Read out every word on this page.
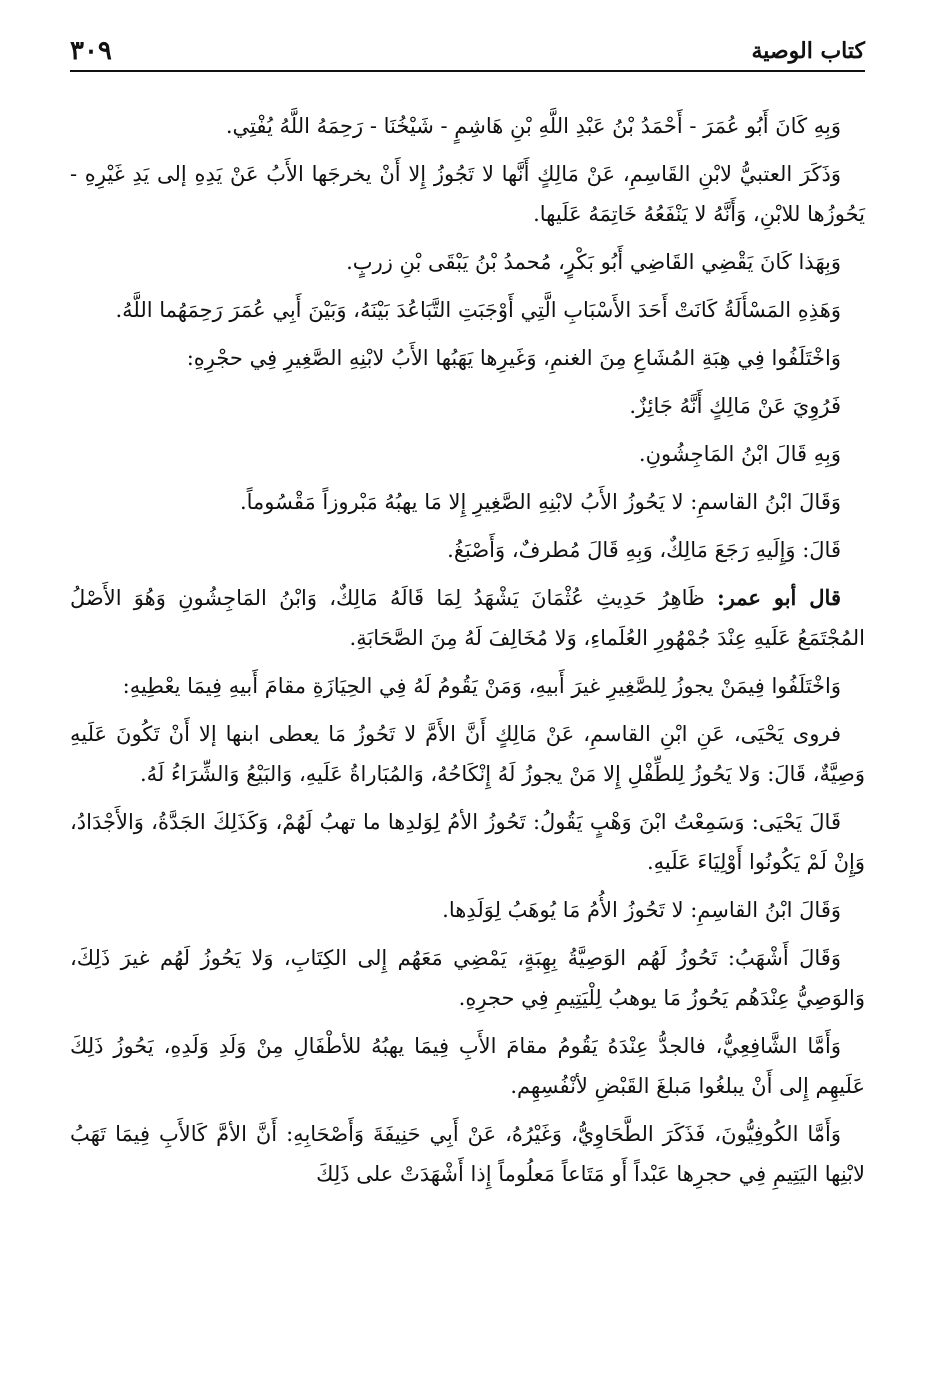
كتاب الوصية
٣٠٩

وَبِهِ كَانَ أَبُو عُمَرَ - أَحْمَدُ بْنُ عَبْدِ اللَّهِ بْنِ هَاشِمٍ - شَيْخُنَا - رَحِمَهُ اللَّهُ يُفْتِي.

وَذَكَرَ العتبيُّ لابْنِ القَاسِمِ، عَنْ مَالِكٍ أَنَّها لا تَجُوزُ إِلا أَنْ يخرجَها الأَبُ عَنْ يَدِهِ إلى يَدِ غَيْرِهِ - يَحُوزُها للابْنِ، وَأَنَّهُ لا يَنْفَعُهُ خَاتِمَهُ عَلَيها.

وَبِهَذا كَانَ يَقْضِي القَاضِي أَبُو بَكْرٍ، مُحمدُ بْنُ يَبْقَى بْنِ زربٍ.

وَهَذِهِ المَسْأَلَةُ كَانَتْ أَحَدَ الأَسْبَابِ الَّتِي أَوْجَبَتِ التَّبَاعُدَ بَيْنَهُ، وَبَيْنَ أَبِي عُمَرَ رَحِمَهُما اللَّهُ.

وَاخْتَلَفُوا فِي هِبَةِ المُشَاعِ مِنَ الغنمِ، وَغَيرِها يَهَبُها الأَبُ لابْنِهِ الصَّغِيرِ فِي حجْرِهِ:

فَرُوِيَ عَنْ مَالِكٍ أَنَّهُ جَائِزٌ.

وَبِهِ قَالَ ابْنُ المَاجِشُونِ.

وَقَالَ ابْنُ القاسمِ: لا يَحُوزُ الأَبُ لابْنِهِ الصَّغِيرِ إِلا مَا يهبُهُ مَبْروزاً مَقْسُوماً.

قَالَ: وَإِلَيهِ رَجَعَ مَالِكٌ، وَبِهِ قَالَ مُطرفٌ، وَأَصْبَغُ.

قال أبو عمر: ظَاهِرُ حَدِيثِ عُثْمَانَ يَشْهَدُ لِمَا قَالَهُ مَالِكٌ، وَابْنُ المَاجِشُونِ وَهُوَ الأَصْلُ المُجْتَمَعُ عَلَيهِ عِنْدَ جُمْهُورِ العُلَماءِ، وَلا مُخَالِفَ لَهُ مِنَ الصَّحَابَةِ.

وَاخْتَلَفُوا فِيمَنْ يجوزُ لِلصَّغِيرِ غيرَ أَبيهِ، وَمَنْ يَقُومُ لَهُ فِي الحِيَازَةِ مقامَ أَبيهِ فِيمَا يعْطِيهِ:

فروى يَحْيَى، عَنِ ابْنِ القاسمِ، عَنْ مَالِكٍ أَنَّ الأَمَّ لا تَحُوزُ مَا يعطى ابنها إلا أَنْ تَكُونَ عَلَيهِ وَصِيَّةٌ، قَالَ: وَلا يَحُوزُ لِلطِّفْلِ إِلا مَنْ يجوزُ لَهُ إِنْكَاحُهُ، وَالمُبَاراةُ عَلَيهِ، وَالبَيْعُ وَالشِّرَاءُ لَهُ.

قَالَ يَحْيَى: وَسَمِعْتُ ابْنَ وَهْبٍ يَقُولُ: تَحُوزُ الأمُ لِوَلدِها ما تهبُ لَهُمْ، وَكَذَلِكَ الجَدَّةُ، وَالأَجْدَادُ، وَإِنْ لَمْ يَكُونُوا أَوْلِيَاءَ عَلَيهِ.

وَقَالَ ابْنُ القاسِمِ: لا تَحُوزُ الأُمُ مَا يُوهَبُ لِوَلَدِها.

وَقَالَ أَشْهَبُ: تَحُوزُ لَهُم الوَصِيَّةُ بِهِبَةٍ، يَمْضِي مَعَهُم إِلى الكِتَابِ، وَلا يَحُوزُ لَهُم غيرَ ذَلِكَ، وَالوَصِيُّ عِنْدَهُم يَحُوزُ مَا يوهبُ لِلْيَتِيمِ فِي حجرِهِ.

وَأَمَّا الشَّافِعِيُّ، فالجدُّ عِنْدَهُ يَقُومُ مقامَ الأَبِ فِيمَا يهبُهُ للأطْفَالِ مِنْ وَلَدِ وَلَدِهِ، يَحُوزُ ذَلِكَ عَلَيهِم إِلى أَنْ يبلغُوا مَبلغَ القَبْضِ لأنْفُسِهِم.

وَأَمَّا الكُوفِيُّونَ، فَذَكَرَ الطَّحَاوِيُّ، وَغَيْرُهُ، عَنْ أَبِي حَنِيفَةَ وَأَصْحَابِهِ: أَنَّ الأمَّ كَالأَبِ فِيمَا تَهَبُ لابْنِها اليَتِيمِ فِي حجرِها عَبْداً أَو مَتَاعاً مَعلُوماً إِذا أَشْهَدَتْ على ذَلِكَ
